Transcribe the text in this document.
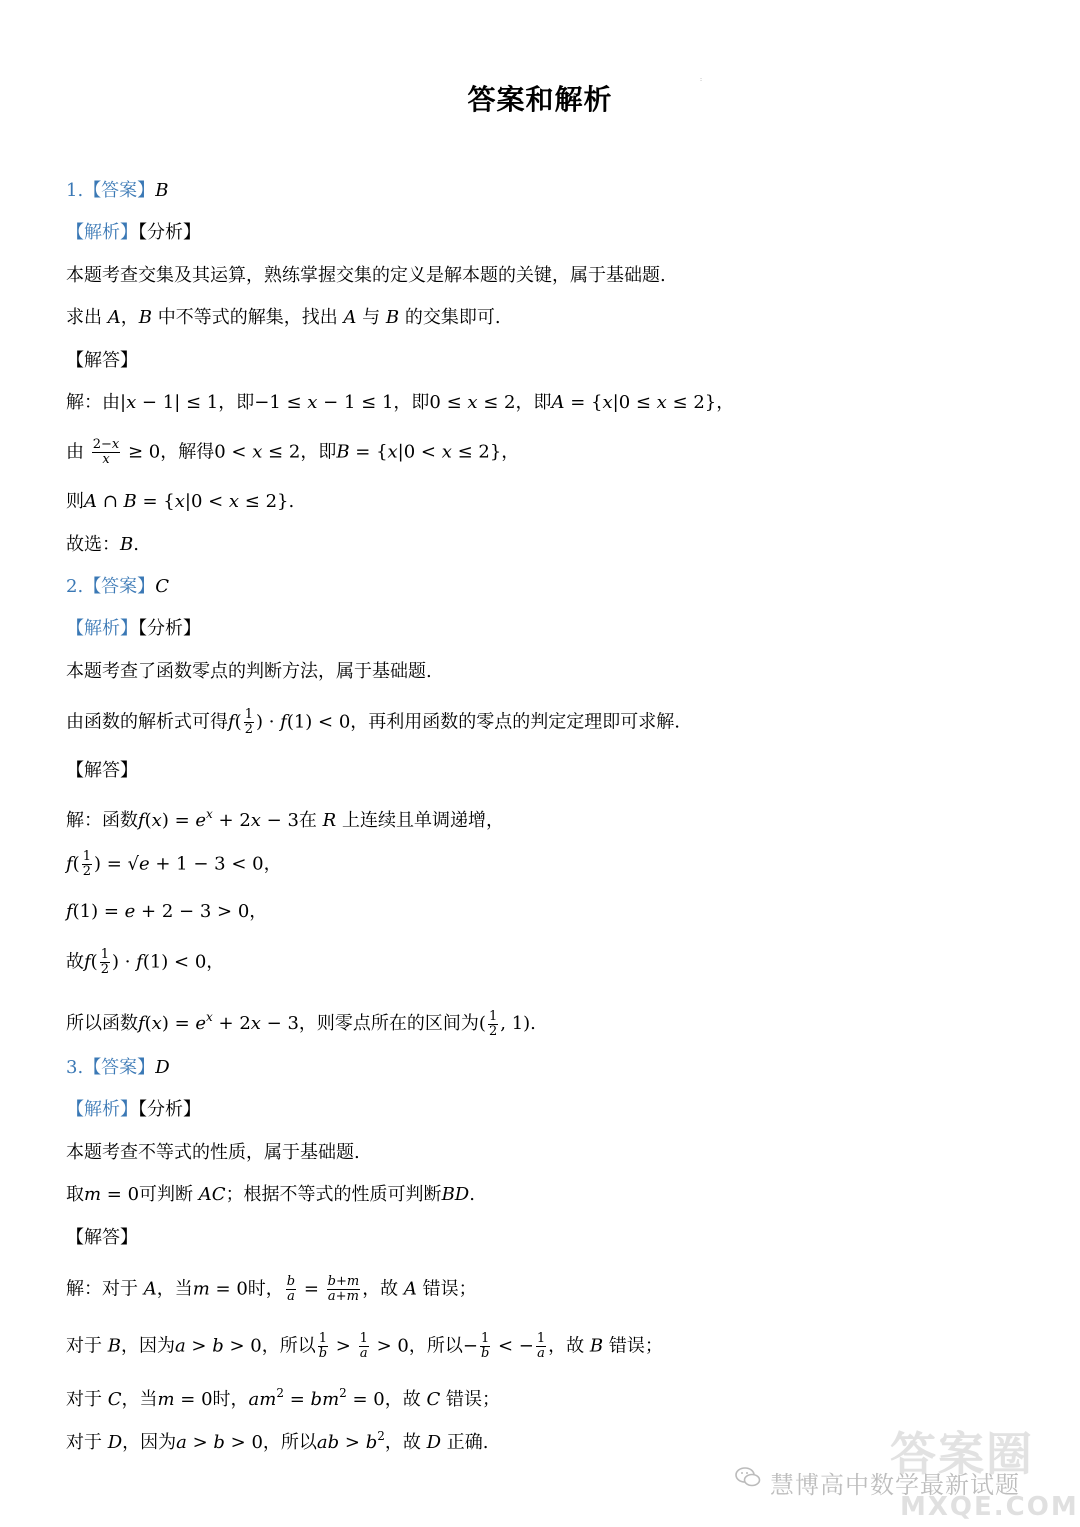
答案和解析
:
1.【答案】B
【解析】【分析】
本题考查交集及其运算，熟练掌握交集的定义是解本题的关键，属于基础题.
求出 A，B 中不等式的解集，找出 A 与 B 的交集即可.
【解答】
解：由|𝑥 − 1| ≤ 1，即−1 ≤ 𝑥 − 1 ≤ 1，即0 ≤ 𝑥 ≤ 2，即𝐴 = {𝑥|0 ≤ 𝑥 ≤ 2}，
由 $\frac{\text{2−𝑥}}{\text{𝑥}} \ge 0$，解得0 < 𝑥 ≤ 2，即𝐵 = {𝑥|0 < 𝑥 ≤ 2}，
则𝐴 ∩ 𝐵 = {𝑥|0 < 𝑥 ≤ 2}.
故选：B.
2.【答案】C
【解析】【分析】
本题考查了函数零点的判断方法，属于基础题.
由函数的解析式可得𝑓( $\frac{1}{2}$ ) · 𝑓(1) < 0，再利用函数的零点的判定定理即可求解.
【解答】
解：函数𝑓(𝑥) = 𝑒$^𝑥$ + 2𝑥 − 3在 R 上连续且单调递增，
𝑓( $\frac{1}{2}$ ) = √𝑒 + 1 − 3 < 0，
𝑓(1) = 𝑒 + 2 − 3 > 0，
故𝑓( $\frac{1}{2}$ ) · 𝑓(1) < 0，
所以函数𝑓(𝑥) = 𝑒$^𝑥$ + 2𝑥 − 3，则零点所在的区间为( $\frac{1}{2}$ , 1).
3.【答案】D
【解析】【分析】
本题考查不等式的性质，属于基础题.
取𝑚 = 0可判断 AC；根据不等式的性质可判断BD.
【解答】
解：对于 A，当𝑚 = 0时， $\frac{\text{𝑏}}{\text{𝑎}} = \frac{\text{𝑏+𝑚}}{\text{𝑎+𝑚}}$ ，故 A 错误；
对于 B，因为𝑎 > 𝑏 > 0，所以 $\frac{1}{\text{𝑏}} > \frac{1}{\text{𝑎}} > 0$，所以− $\frac{1}{\text{𝑏}}$ < − $\frac{1}{\text{𝑎}}$ ，故 B 错误；
对于 C，当𝑚 = 0时，𝑎𝑚$^2$ = 𝑏𝑚$^2$ = 0，故 C 错误；
对于 D，因为𝑎 > 𝑏 > 0，所以𝑎𝑏 > 𝑏$^2$，故 D 正确.	答案圈
慧博高中数学最新试题
MXQE.COM
